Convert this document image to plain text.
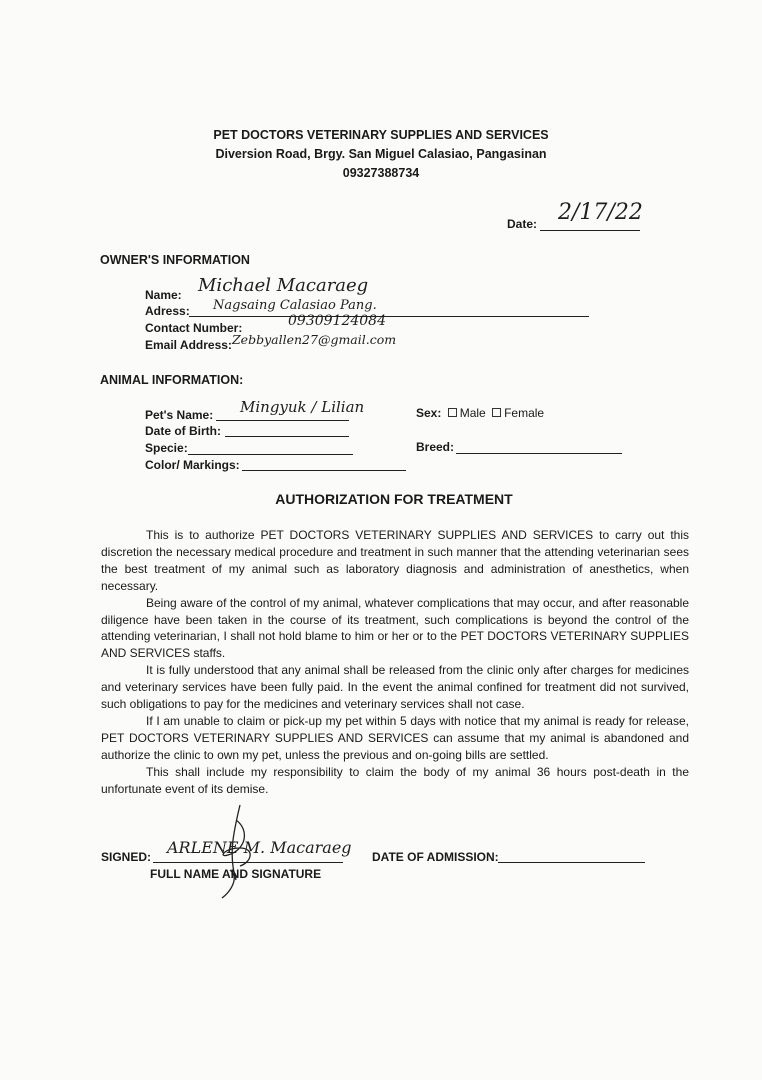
PET DOCTORS VETERINARY SUPPLIES AND SERVICES
Diversion Road, Brgy. San Miguel Calasiao, Pangasinan
09327388734
Date: 2/17/22
OWNER'S INFORMATION
Name: Michael Macaraeg
Adress: Nagsaing Calasiao Pang.
Contact Number:	09309124084
Email Address: Zebbyallen27@gmail.com
ANIMAL INFORMATION:
Pet's Name: Mingyuk / Lilian
Date of Birth:
Specie:
Color/ Markings:
Sex: Male Female
Breed:
AUTHORIZATION FOR TREATMENT

This is to authorize PET DOCTORS VETERINARY SUPPLIES AND SERVICES to carry out this discretion the necessary medical procedure and treatment in such manner that the attending veterinarian sees the best treatment of my animal such as laboratory diagnosis and administration of anesthetics, when necessary.

Being aware of the control of my animal, whatever complications that may occur, and after reasonable diligence have been taken in the course of its treatment, such complications is beyond the control of the attending veterinarian, I shall not hold blame to him or her or to the PET DOCTORS VETERINARY SUPPLIES AND SERVICES staffs.

It is fully understood that any animal shall be released from the clinic only after charges for medicines and veterinary services have been fully paid. In the event the animal confined for treatment did not survived, such obligations to pay for the medicines and veterinary services shall not case.

If I am unable to claim or pick-up my pet within 5 days with notice that my animal is ready for release, PET DOCTORS VETERINARY SUPPLIES AND SERVICES can assume that my animal is abandoned and authorize the clinic to own my pet, unless the previous and on-going bills are settled.

This shall include my responsibility to claim the body of my animal 36 hours post-death in the unfortunate event of its demise.

SIGNED: ARLENE M. Macaraeg
FULL NAME AND SIGNATURE
DATE OF ADMISSION:
